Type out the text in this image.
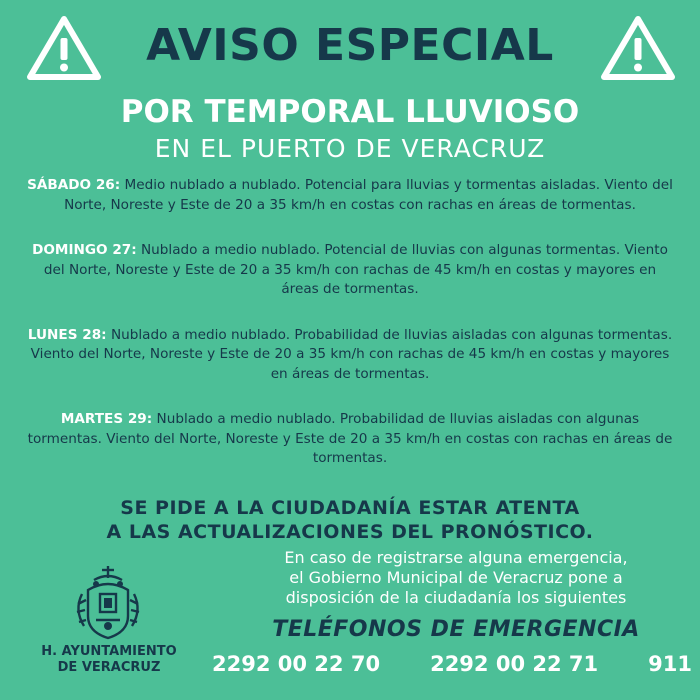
AVISO ESPECIAL
POR TEMPORAL LLUVIOSO
EN EL PUERTO DE VERACRUZ
SÁBADO 26: Medio nublado a nublado. Potencial para lluvias y tormentas aisladas. Viento del Norte, Noreste y Este de 20 a 35 km/h en costas con rachas en áreas de tormentas.
DOMINGO 27: Nublado a medio nublado. Potencial de lluvias con algunas tormentas. Viento del Norte, Noreste y Este de 20 a 35 km/h con rachas de 45 km/h en costas y mayores en áreas de tormentas.
LUNES 28: Nublado a medio nublado. Probabilidad de lluvias aisladas con algunas tormentas. Viento del Norte, Noreste y Este de 20 a 35 km/h con rachas de 45 km/h en costas y mayores en áreas de tormentas.
MARTES 29: Nublado a medio nublado. Probabilidad de lluvias aisladas con algunas tormentas. Viento del Norte, Noreste y Este de 20 a 35 km/h en costas con rachas en áreas de tormentas.
SE PIDE A LA CIUDADANÍA ESTAR ATENTA
A LAS ACTUALIZACIONES DEL PRONÓSTICO.
H. AYUNTAMIENTO
DE VERACRUZ
En caso de registrarse alguna emergencia,
el Gobierno Municipal de Veracruz pone a
disposición de la ciudadanía los siguientes
TELÉFONOS DE EMERGENCIA
2292 00 22 70 2292 00 22 71 911
